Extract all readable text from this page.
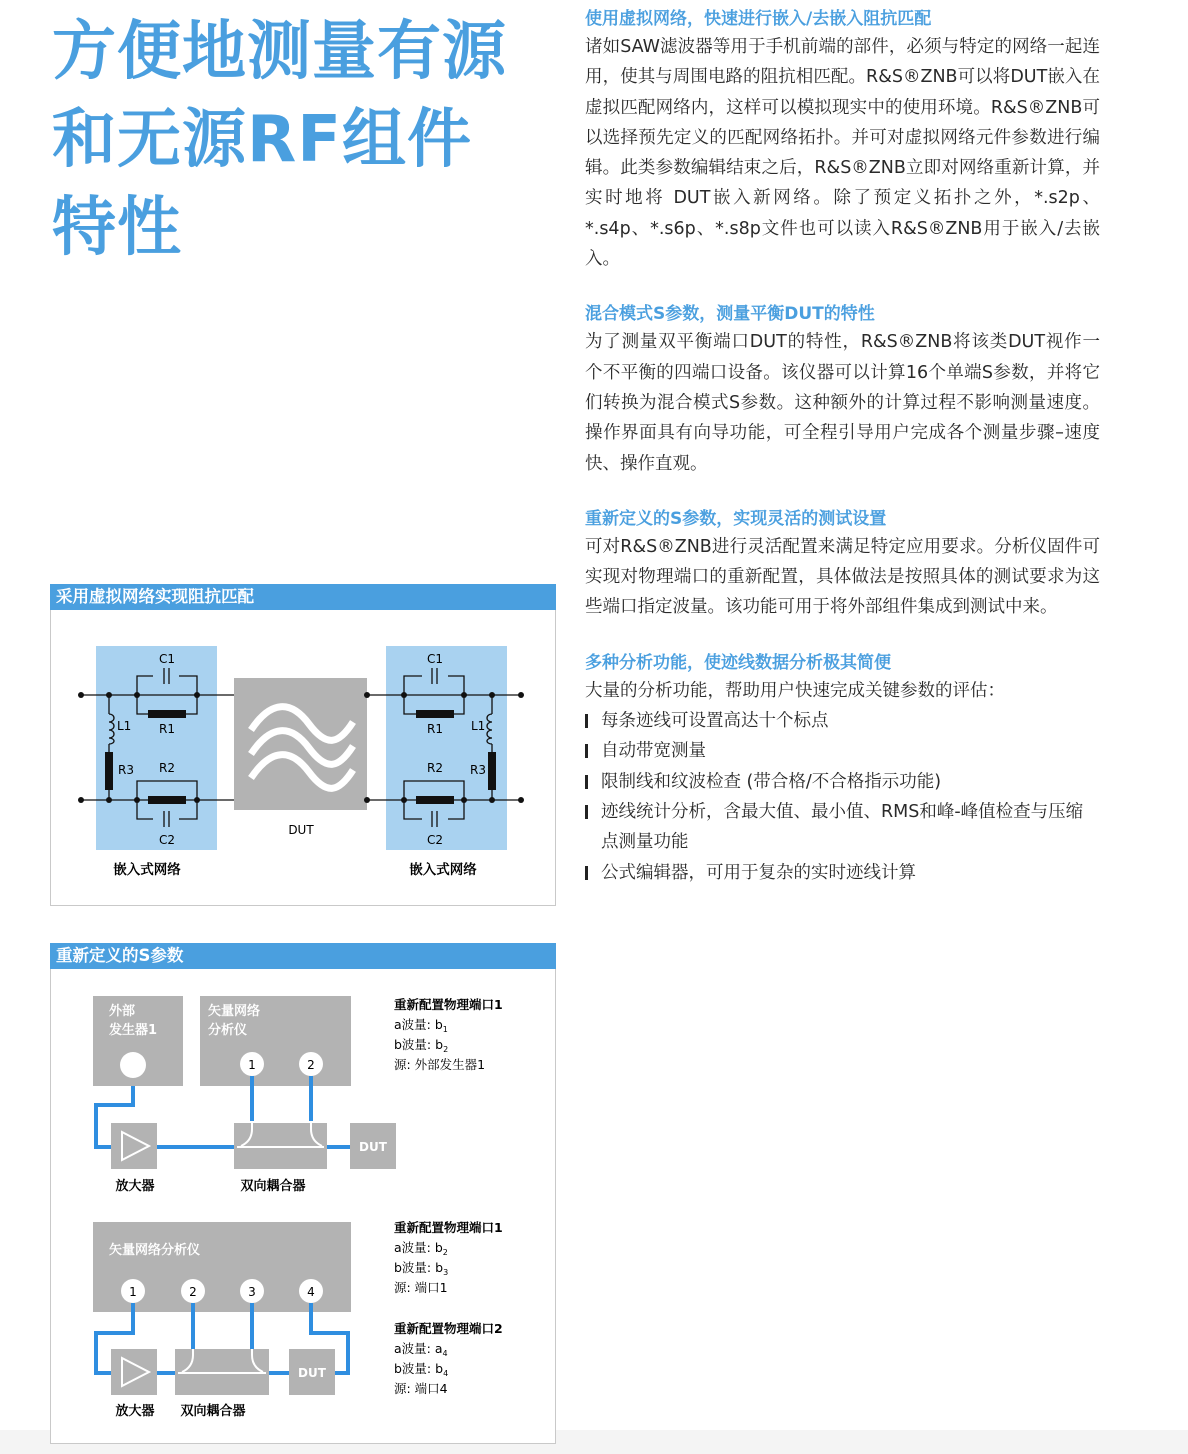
方便地测量有源
和无源RF组件
特性
使用虚拟网络，快速进行嵌入/去嵌入阻抗匹配

诸如SAW滤波器等用于手机前端的部件，必须与特定的网络一起连用，使其与周围电路的阻抗相匹配。R&S®ZNB可以将DUT嵌入在虚拟匹配网络内，这样可以模拟现实中的使用环境。R&S®ZNB可以选择预先定义的匹配网络拓扑。并可对虚拟网络元件参数进行编辑。此类参数编辑结束之后，R&S®ZNB立即对网络重新计算，并实时地将 DUT嵌入新网络。除了预定义拓扑之外，*.s2p、*.s4p、*.s6p、*.s8p文件也可以读入R&S®ZNB用于嵌入/去嵌入。

混合模式S参数，测量平衡DUT的特性

为了测量双平衡端口DUT的特性，R&S®ZNB将该类DUT视作一个不平衡的四端口设备。该仪器可以计算16个单端S参数，并将它们转换为混合模式S参数。这种额外的计算过程不影响测量速度。操作界面具有向导功能，可全程引导用户完成各个测量步骤–速度快、操作直观。

重新定义的S参数，实现灵活的测试设置

可对R&S®ZNB进行灵活配置来满足特定应用要求。分析仪固件可实现对物理端口的重新配置，具体做法是按照具体的测试要求为这些端口指定波量。该功能可用于将外部组件集成到测试中来。

多种分析功能，使迹线数据分析极其简便

大量的分析功能，帮助用户快速完成关键参数的评估：

每条迹线可设置高达十个标点
自动带宽测量
限制线和纹波检查 (带合格/不合格指示功能)
迹线统计分析，含最大值、最小值、RMS和峰-峰值检查与压缩点测量功能
公式编辑器，可用于复杂的实时迹线计算
DUT
C1
R1
R2
C2
L1
R3
C1
R1
R2
C2
L1
R3
嵌入式网络	嵌入式网络
采用虚拟网络实现阻抗匹配
外部
发生器1
矢量网络
分析仪
1	2
DUT
放大器	双向耦合器
重新配置物理端口1
a波量: $b_1$
b波量: $b_2$
源: 外部发生器1
矢量网络分析仪
1	2	3	4
DUT
放大器 双向耦合器
重新配置物理端口1
a波量: $b_2$
b波量: $b_3$
源: 端口1
重新配置物理端口2
a波量: $a_4$
b波量: $b_4$
源: 端口4
重新定义的S参数
